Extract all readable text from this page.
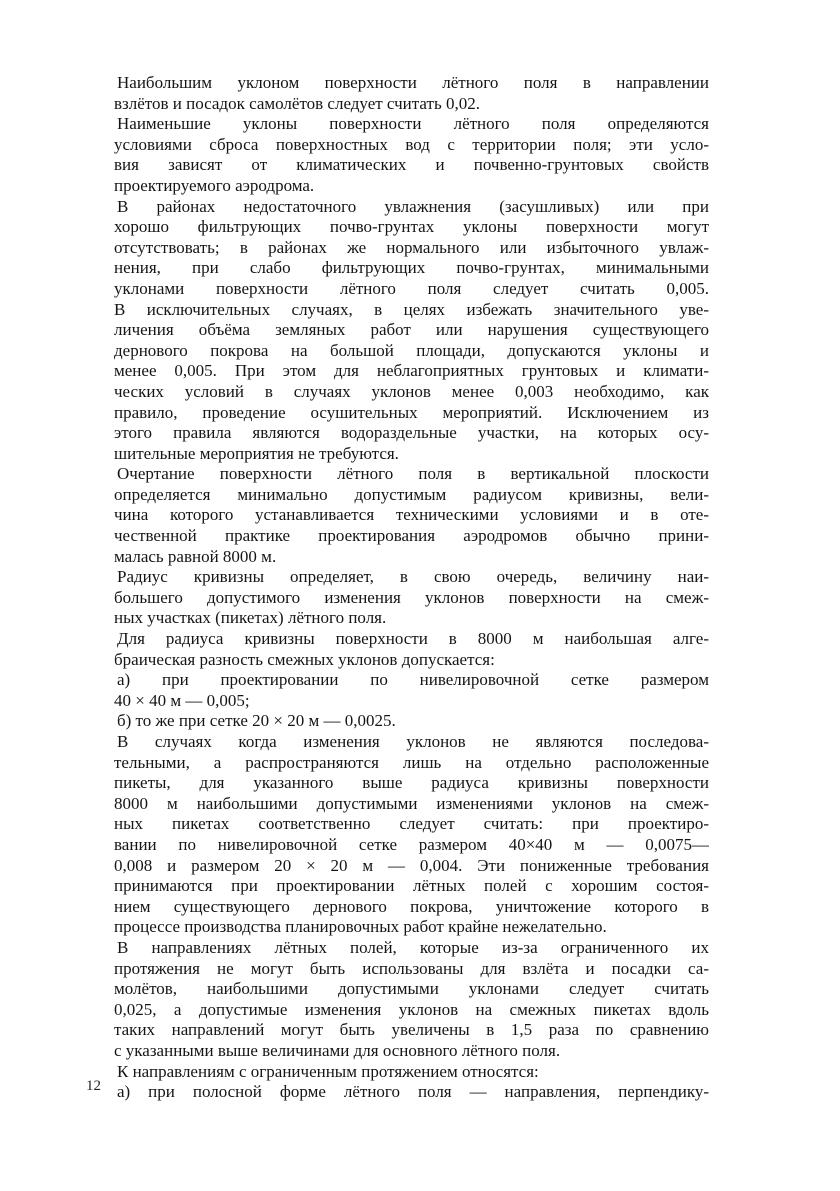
Наибольшим уклоном поверхности лётного поля в направлении
взлётов и посадок самолётов следует считать 0,02.

Наименьшие уклоны поверхности лётного поля определяются
условиями сброса поверхностных вод с территории поля; эти усло-
вия зависят от климатических и почвенно-грунтовых свойств
проектируемого аэродрома.

В районах недостаточного увлажнения (засушливых) или при
хорошо фильтрующих почво-грунтах уклоны поверхности могут
отсутствовать; в районах же нормального или избыточного увлаж-
нения, при слабо фильтрующих почво-грунтах, минимальными
уклонами поверхности лётного поля следует считать 0,005.
В исключительных случаях, в целях избежать значительного уве-
личения объёма земляных работ или нарушения существующего
дернового покрова на большой площади, допускаются уклоны и
менее 0,005. При этом для неблагоприятных грунтовых и климати-
ческих условий в случаях уклонов менее 0,003 необходимо, как
правило, проведение осушительных мероприятий. Исключением из
этого правила являются водораздельные участки, на которых осу-
шительные мероприятия не требуются.

Очертание поверхности лётного поля в вертикальной плоскости
определяется минимально допустимым радиусом кривизны, вели-
чина которого устанавливается техническими условиями и в оте-
чественной практике проектирования аэродромов обычно прини-
малась равной 8000 м.

Радиус кривизны определяет, в свою очередь, величину наи-
большего допустимого изменения уклонов поверхности на смеж-
ных участках (пикетах) лётного поля.

Для радиуса кривизны поверхности в 8000 м наибольшая алге-
браическая разность смежных уклонов допускается:

а) при проектировании по нивелировочной сетке размером
40 × 40 м — 0,005;

б) то же при сетке 20 × 20 м — 0,0025.

В случаях когда изменения уклонов не являются последова-
тельными, а распространяются лишь на отдельно расположенные
пикеты, для указанного выше радиуса кривизны поверхности
8000 м наибольшими допустимыми изменениями уклонов на смеж-
ных пикетах соответственно следует считать: при проектиро-
вании по нивелировочной сетке размером 40×40 м — 0,0075—
0,008 и размером 20 × 20 м — 0,004. Эти пониженные требования
принимаются при проектировании лётных полей с хорошим состоя-
нием существующего дернового покрова, уничтожение которого в
процессе производства планировочных работ крайне нежелательно.

В направлениях лётных полей, которые из-за ограниченного их
протяжения не могут быть использованы для взлёта и посадки са-
молётов, наибольшими допустимыми уклонами следует считать
0,025, а допустимые изменения уклонов на смежных пикетах вдоль
таких направлений могут быть увеличены в 1,5 раза по сравнению
с указанными выше величинами для основного лётного поля.

К направлениям с ограниченным протяжением относятся:

а) при полосной форме лётного поля — направления, перпендику-

12
